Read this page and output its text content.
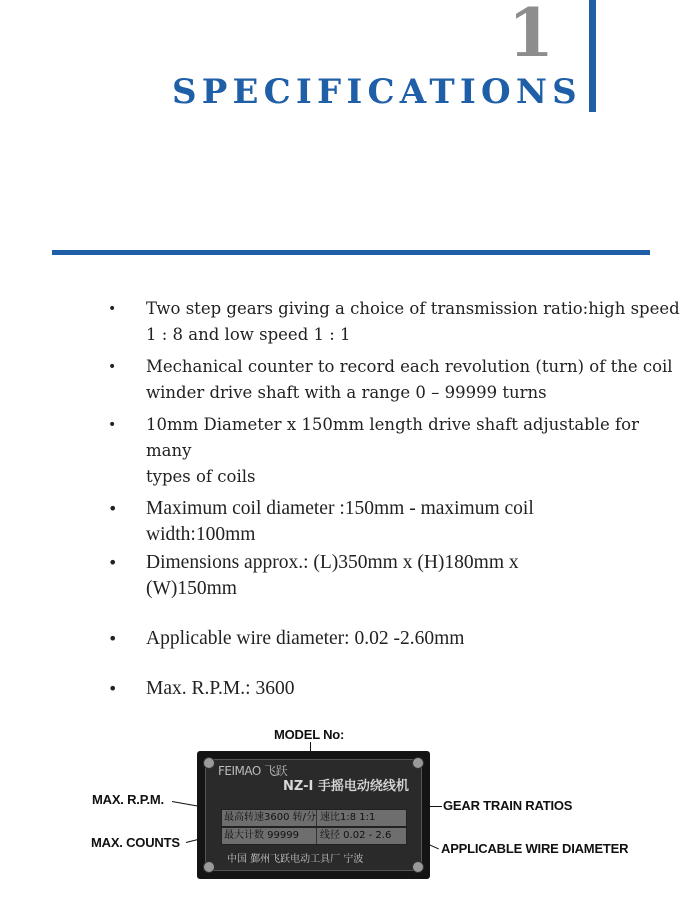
1
SPECIFICATIONS
• Two step gears giving a choice of transmission ratio:high speed
1 : 8 and low speed 1 : 1
• Mechanical counter to record each revolution (turn) of the coil
winder drive shaft with a range 0 – 99999 turns
• 10mm Diameter x 150mm length drive shaft adjustable for many
types of coils
• Maximum coil diameter :150mm - maximum coil
width:100mm
• Dimensions approx.: (L)350mm x (H)180mm x
(W)150mm
• Applicable wire diameter: 0.02 -2.60mm
• Max. R.P.M.: 3600
MODEL No:
MAX. R.P.M.
MAX. COUNTS
GEAR TRAIN RATIOS
APPLICABLE WIRE DIAMETER
FEIMAO 飞跃
NZ-I 手摇电动绕线机
最高转速3600 转/分 速比1:8 1:1
最大计数 99999	线径 0.02 - 2.6
中国 鄞州飞跃电动工具厂 宁波
